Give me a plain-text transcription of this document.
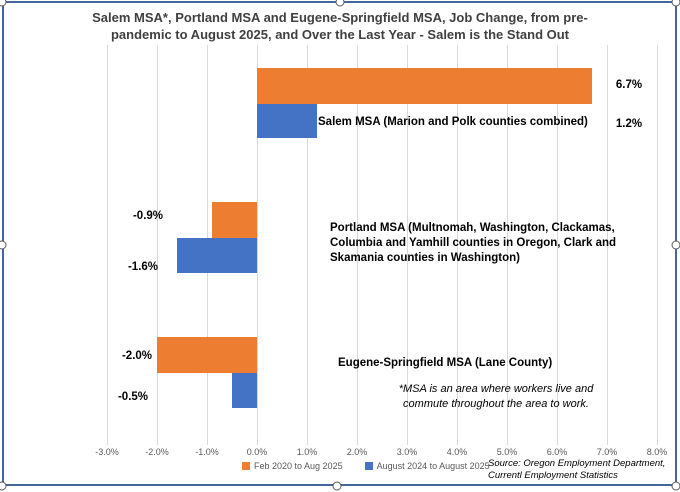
Salem MSA*, Portland MSA and Eugene-Springfield MSA, Job Change, from pre-
pandemic to August 2025, and Over the Last Year - Salem is the Stand Out
-3.0%	-2.0%	-1.0%	0.0%	1.0%	2.0%	3.0%	4.0%	5.0%	6.0%	7.0%	8.0%
6.7%
1.2%
-0.9%
-1.6%
-2.0%
-0.5%
Salem MSA (Marion and Polk counties combined)
Portland MSA (Multnomah, Washington, Clackamas,
Columbia and Yamhill counties in Oregon, Clark and
Skamania counties in Washington)
Eugene-Springfield MSA (Lane County)
*MSA is an area where workers live and
commute throughout the area to work.
Feb 2020 to Aug 2025	August 2024 to August 2025
Source: Oregon Employment Department,
Currentl Employment Statistics
